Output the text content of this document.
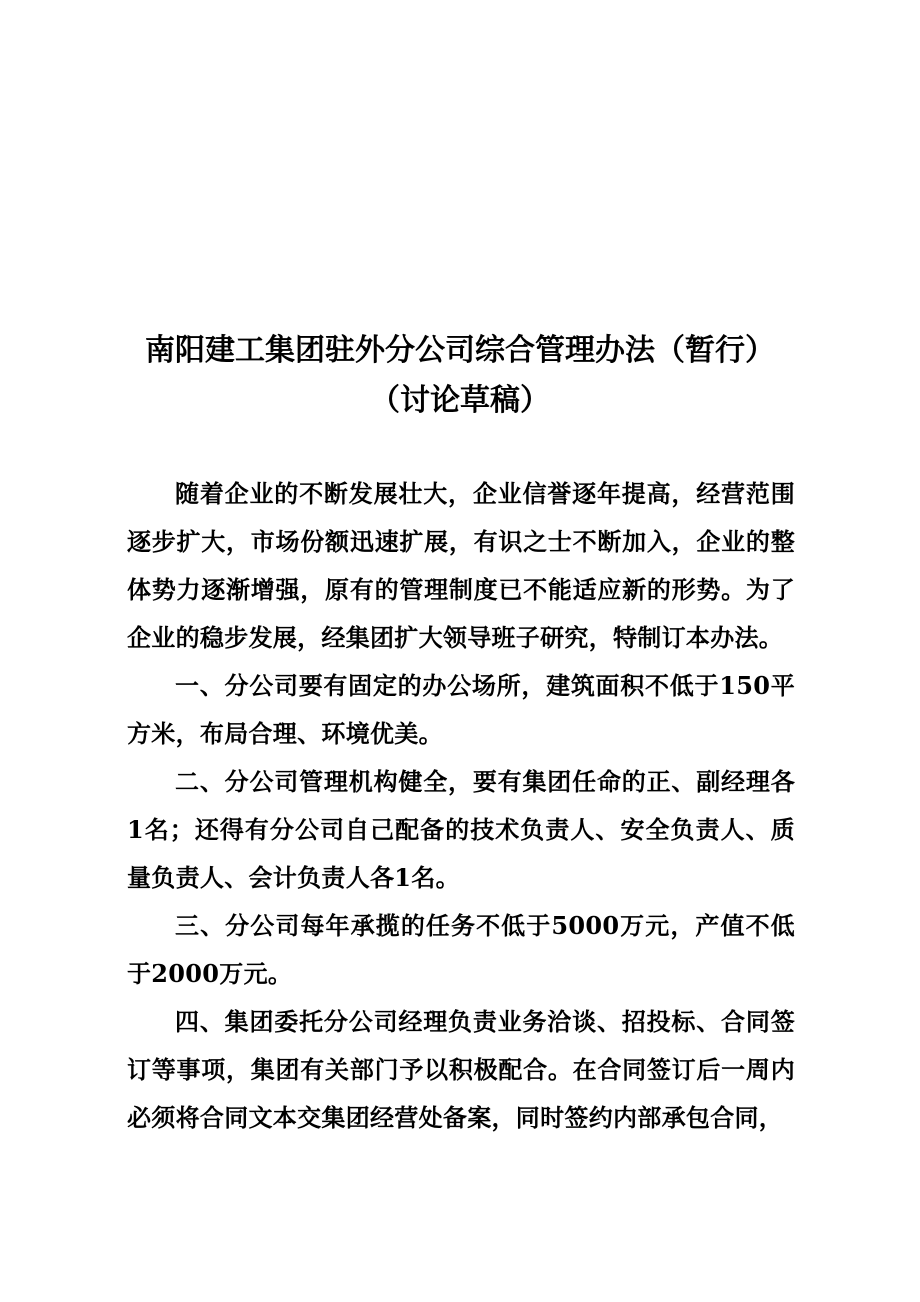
南阳建工集团驻外分公司综合管理办法（暂行）
（讨论草稿）

随着企业的不断发展壮大，企业信誉逐年提高，经营范围逐步扩大，市场份额迅速扩展，有识之士不断加入，企业的整体势力逐渐增强，原有的管理制度已不能适应新的形势。为了企业的稳步发展，经集团扩大领导班子研究，特制订本办法。

一、分公司要有固定的办公场所，建筑面积不低于150平方米，布局合理、环境优美。

二、分公司管理机构健全，要有集团任命的正、副经理各1名；还得有分公司自己配备的技术负责人、安全负责人、质量负责人、会计负责人各1名。

三、分公司每年承揽的任务不低于5000万元，产值不低于2000万元。

四、集团委托分公司经理负责业务洽谈、招投标、合同签订等事项，集团有关部门予以积极配合。在合同签订后一周内必须将合同文本交集团经营处备案，同时签约内部承包合同，
